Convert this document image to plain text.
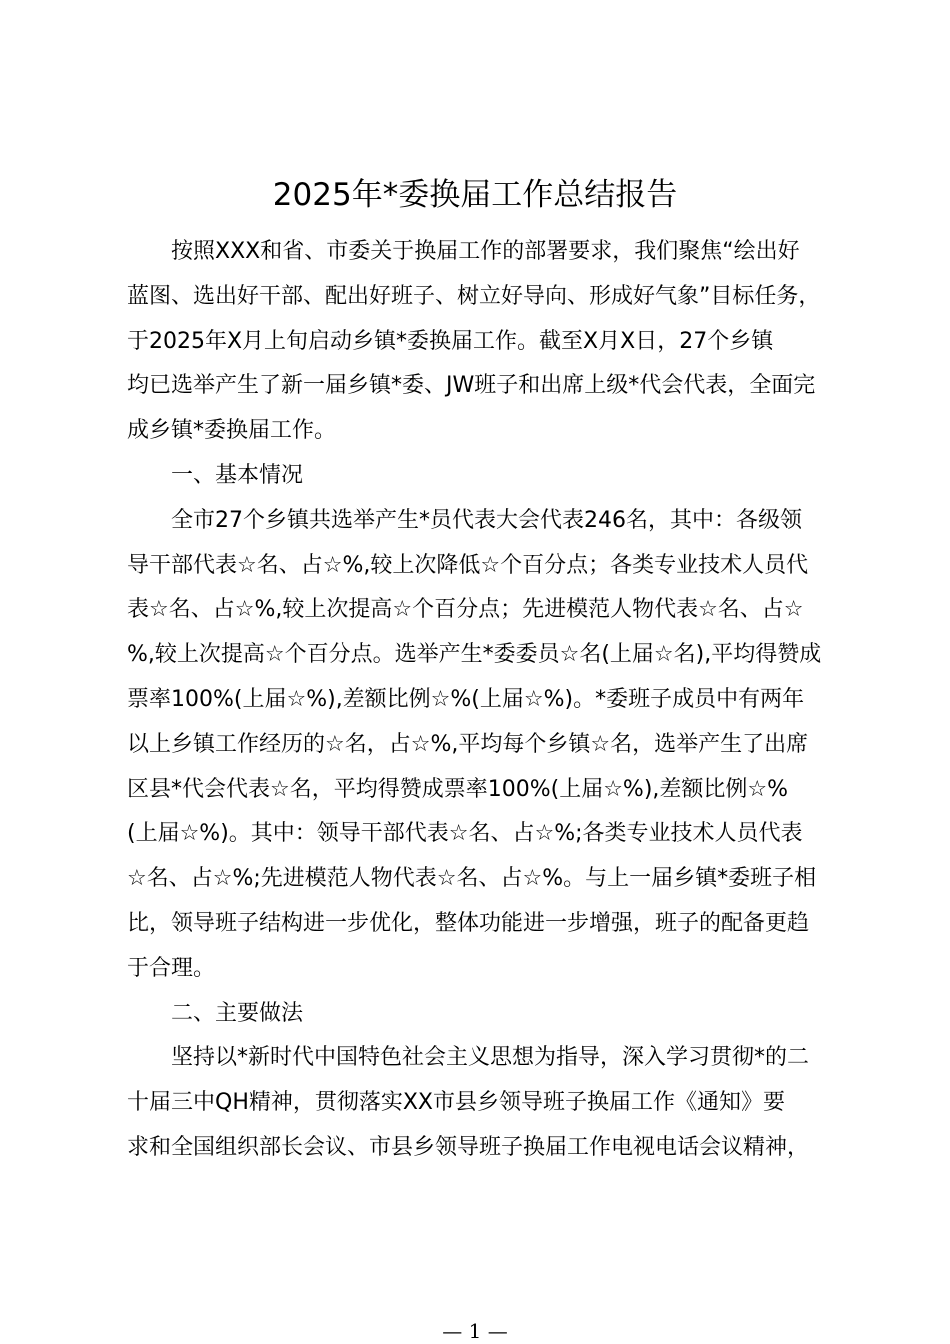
2025年*委换届工作总结报告
按照XXX和省、市委关于换届工作的部署要求，我们聚焦“绘出好
蓝图、选出好干部、配出好班子、树立好导向、形成好气象”目标任务，
于2025年X月上旬启动乡镇*委换届工作。截至X月X日，27个乡镇
均已选举产生了新一届乡镇*委、JW班子和出席上级*代会代表，全面完
成乡镇*委换届工作。
一、基本情况
全市27个乡镇共选举产生*员代表大会代表246名，其中：各级领
导干部代表☆名、占☆%,较上次降低☆个百分点；各类专业技术人员代
表☆名、占☆%,较上次提高☆个百分点；先进模范人物代表☆名、占☆
%,较上次提高☆个百分点。选举产生*委委员☆名(上届☆名),平均得赞成
票率100%(上届☆%),差额比例☆%(上届☆%)。*委班子成员中有两年
以上乡镇工作经历的☆名，占☆%,平均每个乡镇☆名，选举产生了出席
区县*代会代表☆名，平均得赞成票率100%(上届☆%),差额比例☆%
(上届☆%)。其中：领导干部代表☆名、占☆%;各类专业技术人员代表
☆名、占☆%;先进模范人物代表☆名、占☆%。与上一届乡镇*委班子相
比，领导班子结构进一步优化，整体功能进一步增强，班子的配备更趋
于合理。
二、主要做法
坚持以*新时代中国特色社会主义思想为指导，深入学习贯彻*的二
十届三中QH精神，贯彻落实XX市县乡领导班子换届工作《通知》要
求和全国组织部长会议、市县乡领导班子换届工作电视电话会议精神，
— 1 —
